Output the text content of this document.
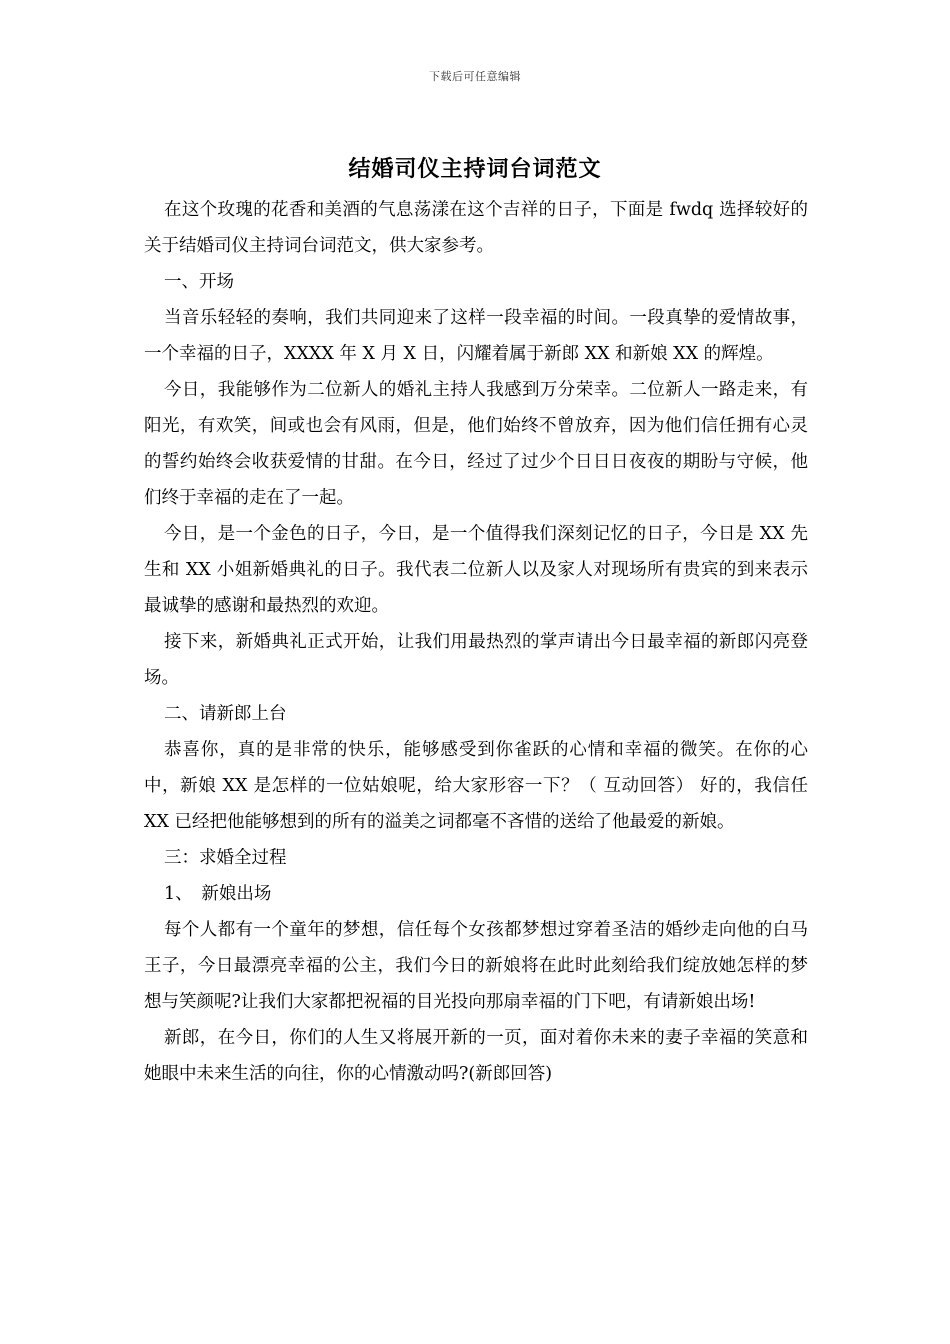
下载后可任意编辑
结婚司仪主持词台词范文

在这个玫瑰的花香和美酒的气息荡漾在这个吉祥的日子，下面是 fwdq 选择较好的关于结婚司仪主持词台词范文，供大家参考。

一、开场

当音乐轻轻的奏响，我们共同迎来了这样一段幸福的时间。一段真挚的爱情故事，一个幸福的日子，XXXX 年 X 月 X 日，闪耀着属于新郎 XX 和新娘 XX 的辉煌。

今日，我能够作为二位新人的婚礼主持人我感到万分荣幸。二位新人一路走来，有阳光，有欢笑，间或也会有风雨，但是，他们始终不曾放弃，因为他们信任拥有心灵的誓约始终会收获爱情的甘甜。在今日，经过了过少个日日日夜夜的期盼与守候，他们终于幸福的走在了一起。

今日，是一个金色的日子，今日，是一个值得我们深刻记忆的日子，今日是 XX 先生和 XX 小姐新婚典礼的日子。我代表二位新人以及家人对现场所有贵宾的到来表示最诚挚的感谢和最热烈的欢迎。

接下来，新婚典礼正式开始，让我们用最热烈的掌声请出今日最幸福的新郎闪亮登场。

二、请新郎上台

恭喜你，真的是非常的快乐，能够感受到你雀跃的心情和幸福的微笑。在你的心中，新娘 XX 是怎样的一位姑娘呢，给大家形容一下？（ 互动回答） 好的，我信任 XX 已经把他能够想到的所有的溢美之词都毫不吝惜的送给了他最爱的新娘。

三：求婚全过程

1、　新娘出场

每个人都有一个童年的梦想，信任每个女孩都梦想过穿着圣洁的婚纱走向他的白马王子，今日最漂亮幸福的公主，我们今日的新娘将在此时此刻给我们绽放她怎样的梦想与笑颜呢?让我们大家都把祝福的目光投向那扇幸福的门下吧，有请新娘出场!

新郎，在今日，你们的人生又将展开新的一页，面对着你未来的妻子幸福的笑意和她眼中未来生活的向往，你的心情激动吗?(新郎回答)
